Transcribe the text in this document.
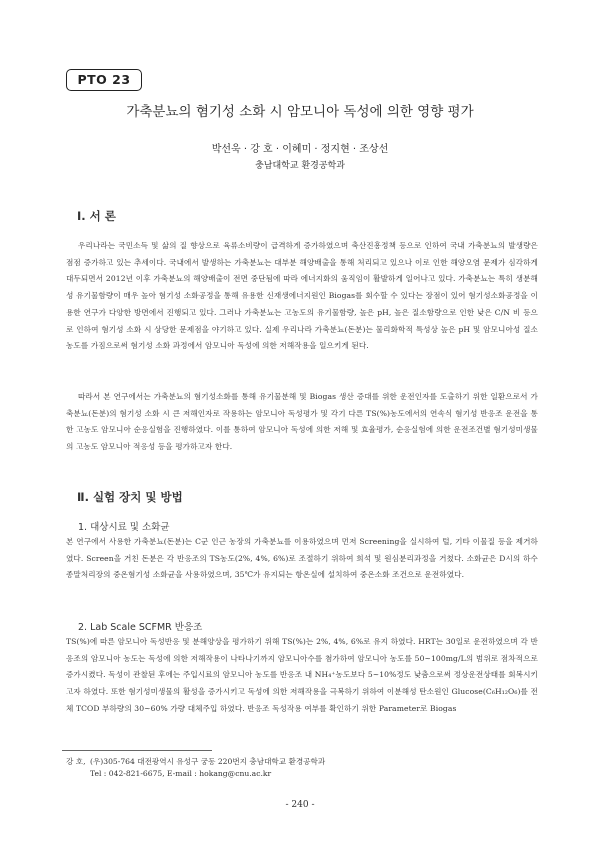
PTO 23
가축분뇨의 혐기성 소화 시 암모니아 독성에 의한 영향 평가
박선욱 · 강 호 · 이혜미 · 정지현 · 조상선
충남대학교 환경공학과
Ⅰ. 서 론

우리나라는 국민소득 및 삶의 질 향상으로 육류소비량이 급격하게 증가하였으며 축산진흥정책 등으로 인하여 국내 가축분뇨의 발생량은 점점 증가하고 있는 추세이다. 국내에서 발생하는 가축분뇨는 대부분 해양배출을 통해 처리되고 있으나 이로 인한 해양오염 문제가 심각하게 대두되면서 2012년 이후 가축분뇨의 해양배출이 전면 중단됨에 따라 에너지화의 움직임이 활발하게 일어나고 있다. 가축분뇨는 특히 생분해성 유기물함량이 매우 높아 혐기성 소화공정을 통해 유용한 신재생에너지원인 Biogas를 회수할 수 있다는 장점이 있어 혐기성소화공정을 이용한 연구가 다양한 방면에서 진행되고 있다. 그러나 가축분뇨는 고농도의 유기물함량, 높은 pH, 높은 질소함량으로 인한 낮은 C/N 비 등으로 인하여 혐기성 소화 시 상당한 문제점을 야기하고 있다. 실제 우리나라 가축분뇨(돈분)는 물리화학적 특성상 높은 pH 및 암모니아성 질소농도를 가짐으로써 혐기성 소화 과정에서 암모니아 독성에 의한 저해작용을 일으키게 된다.

따라서 본 연구에서는 가축분뇨의 혐기성소화를 통해 유기물분해 및 Biogas 생산 증대를 위한 운전인자를 도출하기 위한 일환으로서 가축분뇨(돈분)의 혐기성 소화 시 큰 저해인자로 작용하는 암모니아 독성평가 및 각기 다른 TS(%)농도에서의 연속식 혐기성 반응조 운전을 통한 고농도 암모니아 순응실험을 진행하였다. 이를 통하여 암모니아 독성에 의한 저해 및 효율평가, 순응실험에 의한 운전조건별 혐기성미생물의 고농도 암모니아 적응성 등을 평가하고자 한다.

Ⅱ. 실험 장치 및 방법
1. 대상시료 및 소화균

본 연구에서 사용한 가축분뇨(돈분)는 C군 인근 농장의 가축분뇨를 이용하였으며 먼저 Screening을 실시하여 털, 기타 이물질 등을 제거하였다. Screen을 거친 돈분은 각 반응조의 TS농도(2%, 4%, 6%)로 조절하기 위하여 희석 및 원심분리과정을 거쳤다. 소화균은 D시의 하수종말처리장의 중온혐기성 소화균을 사용하였으며, 35℃가 유지되는 항온실에 설치하여 중온소화 조건으로 운전하였다.

2. Lab Scale SCFMR 반응조

TS(%)에 따른 암모니아 독성반응 및 분해양상을 평가하기 위해 TS(%)는 2%, 4%, 6%로 유지 하였다. HRT는 30일로 운전하였으며 각 반응조의 암모니아 농도는 독성에 의한 저해작용이 나타나기까지 암모니아수를 첨가하여 암모니아 농도를 50~100mg/L의 범위로 점차적으로 증가시켰다. 독성이 관찰된 후에는 주입시료의 암모니아 농도를 반응조 내 NH₄⁺농도보다 5~10%정도 낮춤으로써 정상운전상태를 회복시키고자 하였다. 또한 혐기성미생물의 활성을 증가시키고 독성에 의한 저해작용을 극복하기 위하여 이분해성 탄소원인 Glucose(C₆H₁₂O₆)를 전체 TCOD 부하량의 30~60% 가량 대체주입 하였다. 반응조 독성작용 여부를 확인하기 위한 Parameter로 Biogas

강 호, (우)305-764 대전광역시 유성구 궁동 220번지 충남대학교 환경공학과
Tel : 042-821-6675, E-mail : hokang@cnu.ac.kr
- 240 -
